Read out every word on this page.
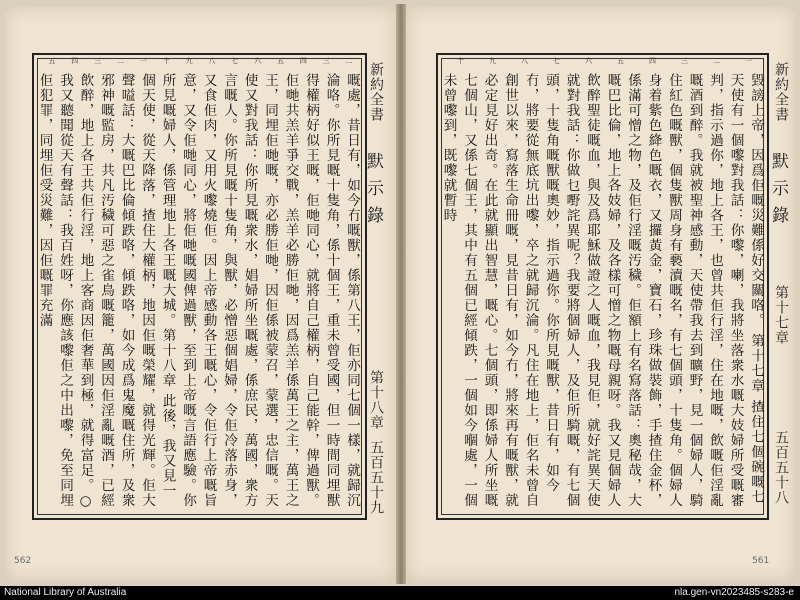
五 四 三 二 一 十 九 八 七 六 五 四 三 二
嘅處，昔日有，如今冇嘅獸，係第八王，佢亦同七個一樣，就歸沉淪咯。你所見嘅十隻角，係十個王，重未曾受國，但一時間同埋獸得權柄好似王嘅，佢哋同心，就將自己權柄，自己能幹，俾過獸。佢哋共羔羊爭交戰，羔羊必勝佢哋，因爲羔羊係萬王之主，萬王之王，同埋佢哋嘅，亦必勝佢哋，因佢係被蒙召，蒙選，忠信嘅。天使又對我話：你所見嘅衆水，娼婦所坐嘅處，係庶民，萬國，衆方言嘅人。你所見嘅十隻角，與獸，必憎惡個娼婦，令佢冷落赤身，又食佢肉，又用火嚟燒佢。因上帝感動各王嘅心，令佢行上帝嘅旨意，又令佢哋同心，將佢哋嘅國俾過獸，至到上帝嘅言語應驗。你所見嘅婦人，係管理地上各王嘅大城。第十八章 此後，我又見一個天使，從天降落，揸住大權柄，地因佢嘅榮耀，就得光輝。佢大聲嗌話：大嘅巴比倫傾跌咯，傾跌咯，如今成爲鬼魔嘅住所，及衆邪神嘅監房，共凡汚穢可惡之雀鳥嘅籠，萬國因佢淫亂嘅酒，已經飲醉，地上各王共佢行淫，地上客商因佢奢華到極，就得富足。○我又聽聞從天有聲話：我百姓呀，你應該嚟佢之中出嚟，免至同埋佢犯罪，同埋佢受災難，因佢嘅罪充滿	新約全書
默示錄
第十八章
五百五十九
562
十	九	八	七	六	五	四	三	二	一
毀謗上帝，因爲佢嘅災難係好交關咯。 第十七章 揸住七個碗嘅七天使有一個嚟對我話：你嚟，喇，我將坐落衆水嘅大妓婦所受嘅審判，指示過你，地上各王，也曾共佢行淫，住在地嘅，飲嘅佢淫亂嘅酒到醉。我就被聖神感動，天使帶我去到曠野，見一個婦人，騎住紅色嘅獸，個隻獸周身有褻瀆嘅名，有七個頭，十隻角。個婦人身着紫色絳色嘅衣，又攞黃金，寶石，珍珠做裝飾，手揸住金杯，係滿可憎之物，及佢行淫嘅汚穢。佢額上有名寫落話：奧秘哉，大嘅巴比倫，地上各妓婦，及各樣可憎之物嘅母親呀。我又見個婦人飲醉聖徒嘅血，與及爲耶穌做證之人嘅血，我見佢，就好詫異天使就對我話：你做乜嘢詫異呢？我要將個婦人，及佢所騎嘅，有七個頭，十隻角嘅獸嘅奧妙，指示過你。你所見嘅獸，昔日有，如今冇，將要從無底坑出嚟，卒之就歸沉淪。凡住在地上，佢名未曾自創世以來，寫落生命冊嘅，見昔日有，如今冇，將來再有嘅獸，就必定見好出奇。在此就顯出智慧，嘅心。七個頭，即係婦人所坐嘅七個山，又係七個王，其中有五個已經傾跌，一個如今嗰處，一個未曾嚟到，既嚟就暫時	新約全書
默示錄
第十七章
五百五十八
561
National Library of Australia	nla.gen-vn2023485-s283-e
